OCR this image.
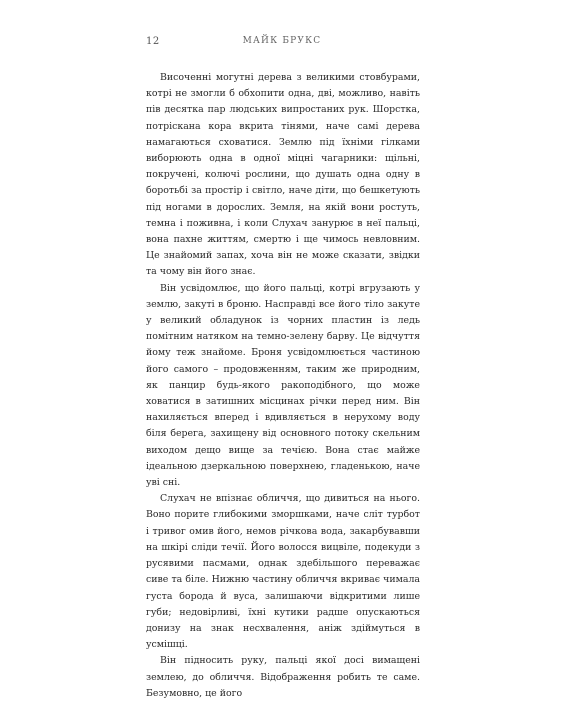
12	МАЙК БРУКС

Височенні могутні дерева з великими стовбурами, котрі не змогли б обхопити одна, дві, можливо, навіть пів десятка пар людських випростаних рук. Шорстка, потріскана кора вкрита тінями, наче самі дерева намагаються сховатися. Землю під їхніми гілками виборюють одна в одної міцні чагарники: щільні, покручені, колючі рослини, що душать одна одну в боротьбі за простір і світло, наче діти, що бешкетують під ногами в дорослих. Земля, на якій вони ростуть, темна і поживна, і коли Слухач занурює в неї пальці, вона пахне життям, смертю і ще чимось невловним. Це знайомий запах, хоча він не може сказати, звідки та чому він його знає.

Він усвідомлює, що його пальці, котрі вгрузають у землю, закуті в броню. Насправді все його тіло закуте у великий обладунок із чорних пластин із ледь помітним натяком на темно-зелену барву. Це відчуття йому теж знайоме. Броня усвідомлюється частиною його самого – продовженням, таким же природним, як панцир будь-якого ракоподібного, що може ховатися в затишних місцинах річки перед ним. Він нахиляється вперед і вдивляється в нерухому воду біля берега, захищену від основного потоку скельним виходом дещо вище за течією. Вона стає майже ідеальною дзеркальною поверхнею, гладенькою, наче уві сні.

Слухач не впізнає обличчя, що дивиться на нього. Воно порите глибокими зморшками, наче сліт турбот і тривог омив його, немов річкова вода, закарбувавши на шкірі сліди течії. Його волосся вицвіле, подекуди з русявими пасмами, однак здебільшого переважає сиве та біле. Нижню частину обличчя вкриває чимала густа борода й вуса, залишаючи відкритими лише губи; недовірливі, їхні кутики радше опускаються донизу на знак несхвалення, аніж здіймуться в усмішці.

Він підносить руку, пальці якої досі вимащені землею, до обличчя. Відображення робить те саме. Безумовно, це його
